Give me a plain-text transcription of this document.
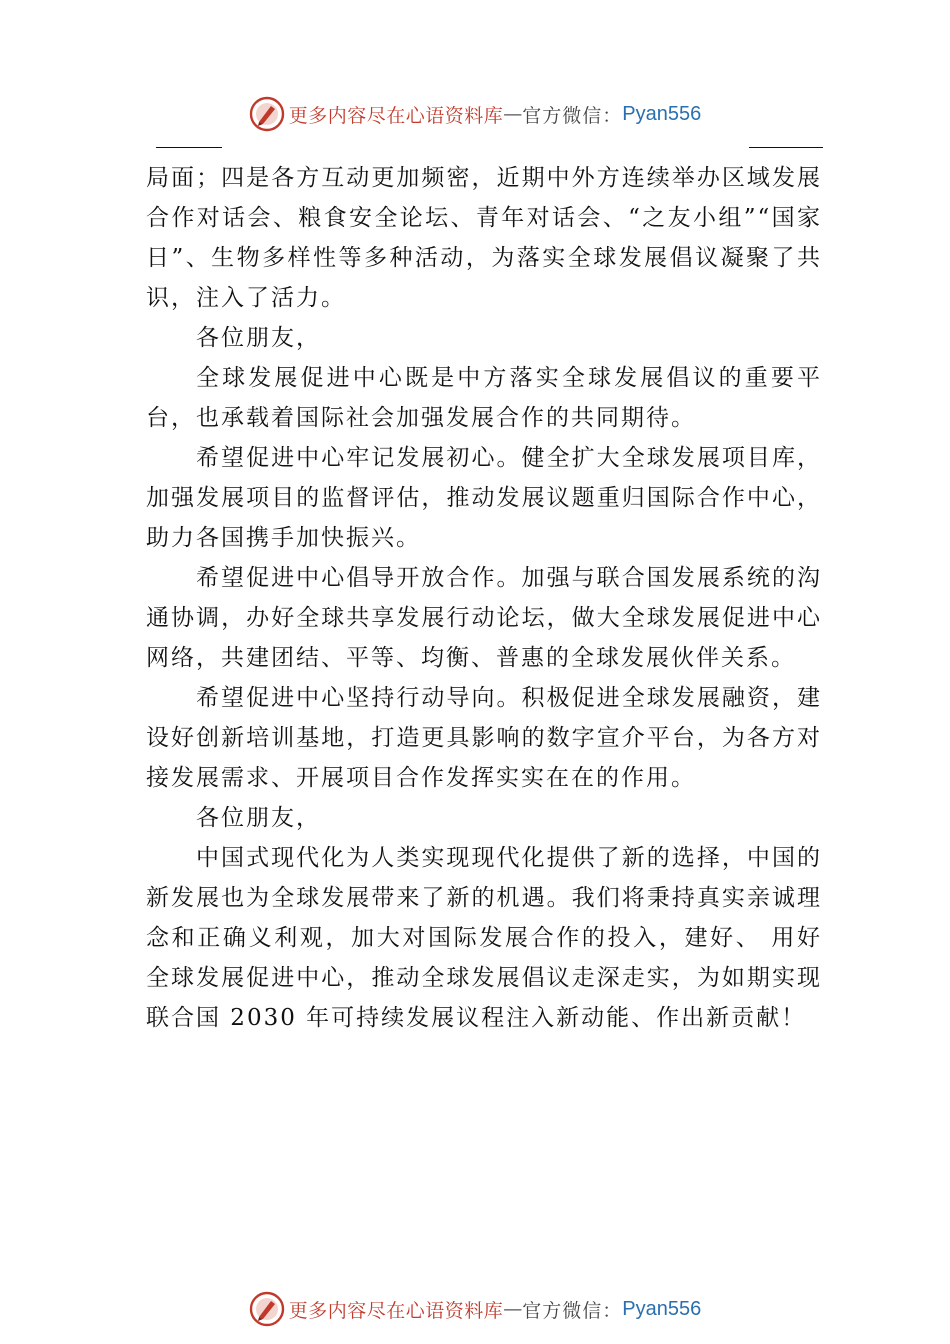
更多内容尽在心语资料库 — 官方微信： Pyan556

局面；四是各方互动更加频密，近期中外方连续举办区域发展合作对话会、粮食安全论坛、青年对话会、“之友小组”“国家日”、生物多样性等多种活动，为落实全球发展倡议凝聚了共识，注入了活力。

各位朋友，

全球发展促进中心既是中方落实全球发展倡议的重要平台，也承载着国际社会加强发展合作的共同期待。

希望促进中心牢记发展初心。健全扩大全球发展项目库，加强发展项目的监督评估，推动发展议题重归国际合作中心，助力各国携手加快振兴。

希望促进中心倡导开放合作。加强与联合国发展系统的沟通协调，办好全球共享发展行动论坛，做大全球发展促进中心网络，共建团结、平等、均衡、普惠的全球发展伙伴关系。

希望促进中心坚持行动导向。积极促进全球发展融资，建设好创新培训基地，打造更具影响的数字宣介平台，为各方对接发展需求、开展项目合作发挥实实在在的作用。

各位朋友，

中国式现代化为人类实现现代化提供了新的选择，中国的新发展也为全球发展带来了新的机遇。我们将秉持真实亲诚理念和正确义利观，加大对国际发展合作的投入，建好、 用好全球发展促进中心，推动全球发展倡议走深走实，为如期实现联合国 2030 年可持续发展议程注入新动能、作出新贡献！

更多内容尽在心语资料库 — 官方微信： Pyan556
